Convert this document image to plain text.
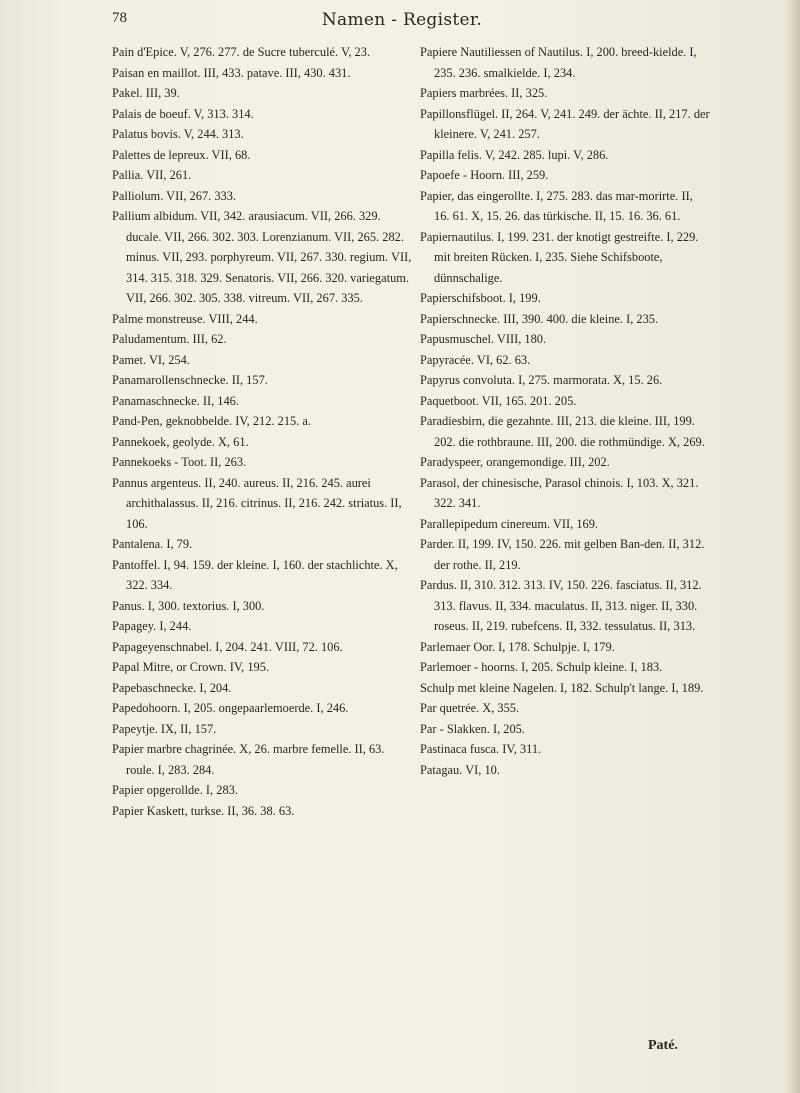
78	Namen - Register.

Pain d'Epice. V, 276. 277. de Sucre tuberculé. V, 23.

Paisan en maillot. III, 433. patave. III, 430. 431.

Pakel. III, 39.

Palais de boeuf. V, 313. 314.

Palatus bovis. V, 244. 313.

Palettes de lepreux. VII, 68.

Pallia. VII, 261.

Palliolum. VII, 267. 333.

Pallium albidum. VII, 342. arausiacum. VII, 266. 329. ducale. VII, 266. 302. 303. Lorenzianum. VII, 265. 282. minus. VII, 293. porphyreum. VII, 267. 330. regium. VII, 314. 315. 318. 329. Senatoris. VII, 266. 320. variegatum. VII, 266. 302. 305. 338. vitreum. VII, 267. 335.

Palme monstreuse. VIII, 244.

Paludamentum. III, 62.

Pamet. VI, 254.

Panamarollenschnecke. II, 157.

Panamaschnecke. II, 146.

Pand-Pen, geknobbelde. IV, 212. 215. a.

Pannekoek, geolyde. X, 61.

Pannekoeks - Toot. II, 263.

Pannus argenteus. II, 240. aureus. II, 216. 245. aurei archithalassus. II, 216. citrinus. II, 216. 242. striatus. II, 106.

Pantalena. I, 79.

Pantoffel. I, 94. 159. der kleine. I, 160. der stachlichte. X, 322. 334.

Panus. I, 300. textorius. I, 300.

Papagey. I, 244.

Papageyenschnabel. I, 204. 241. VIII, 72. 106.

Papal Mitre, or Crown. IV, 195.

Papebaschnecke. I, 204.

Papedohoorn. I, 205. ongepaarlemoerde. I, 246.

Papeytje. IX, II, 157.

Papier marbre chagrinée. X, 26. marbre femelle. II, 63. roule. I, 283. 284.

Papier opgerollde. I, 283.

Papier Kaskett, turkse. II, 36. 38. 63.

Papiere Nautiliessen of Nautilus. I, 200. breed-kielde. I, 235. 236. smalkielde. I, 234.

Papiers marbrées. II, 325.

Papillonsflügel. II, 264. V, 241. 249. der ächte. II, 217. der kleinere. V, 241. 257.

Papilla felis. V, 242. 285. lupi. V, 286.

Papoefe - Hoorn. III, 259.

Papier, das eingerollte. I, 275. 283. das mar-morirte. II, 16. 61. X, 15. 26. das türkische. II, 15. 16. 36. 61.

Papiernautilus. I, 199. 231. der knotigt gestreifte. I, 229. mit breiten Rücken. I, 235. Siehe Schifsboote, dünnschalige.

Papierschifsboot. I, 199.

Papierschnecke. III, 390. 400. die kleine. I, 235.

Papusmuschel. VIII, 180.

Papyracée. VI, 62. 63.

Papyrus convoluta. I, 275. marmorata. X, 15. 26.

Paquetboot. VII, 165. 201. 205.

Paradiesbirn, die gezahnte. III, 213. die kleine. III, 199. 202. die rothbraune. III, 200. die rothmündige. X, 269.

Paradyspeer, orangemondige. III, 202.

Parasol, der chinesische, Parasol chinois. I, 103. X, 321. 322. 341.

Parallepipedum cinereum. VII, 169.

Parder. II, 199. IV, 150. 226. mit gelben Ban-den. II, 312. der rothe. II, 219.

Pardus. II, 310. 312. 313. IV, 150. 226. fasciatus. II, 312. 313. flavus. II, 334. maculatus. II, 313. niger. II, 330. roseus. II, 219. rubefcens. II, 332. tessulatus. II, 313.

Parlemaer Oor. I, 178. Schulpje. I, 179.

Parlemoer - hoorns. I, 205. Schulp kleine. I, 183.

Schulp met kleine Nagelen. I, 182. Schulp't lange. I, 189.

Par quetrée. X, 355.

Par - Slakken. I, 205.

Pastinaca fusca. IV, 311.

Patagau. VI, 10.

Paté.
